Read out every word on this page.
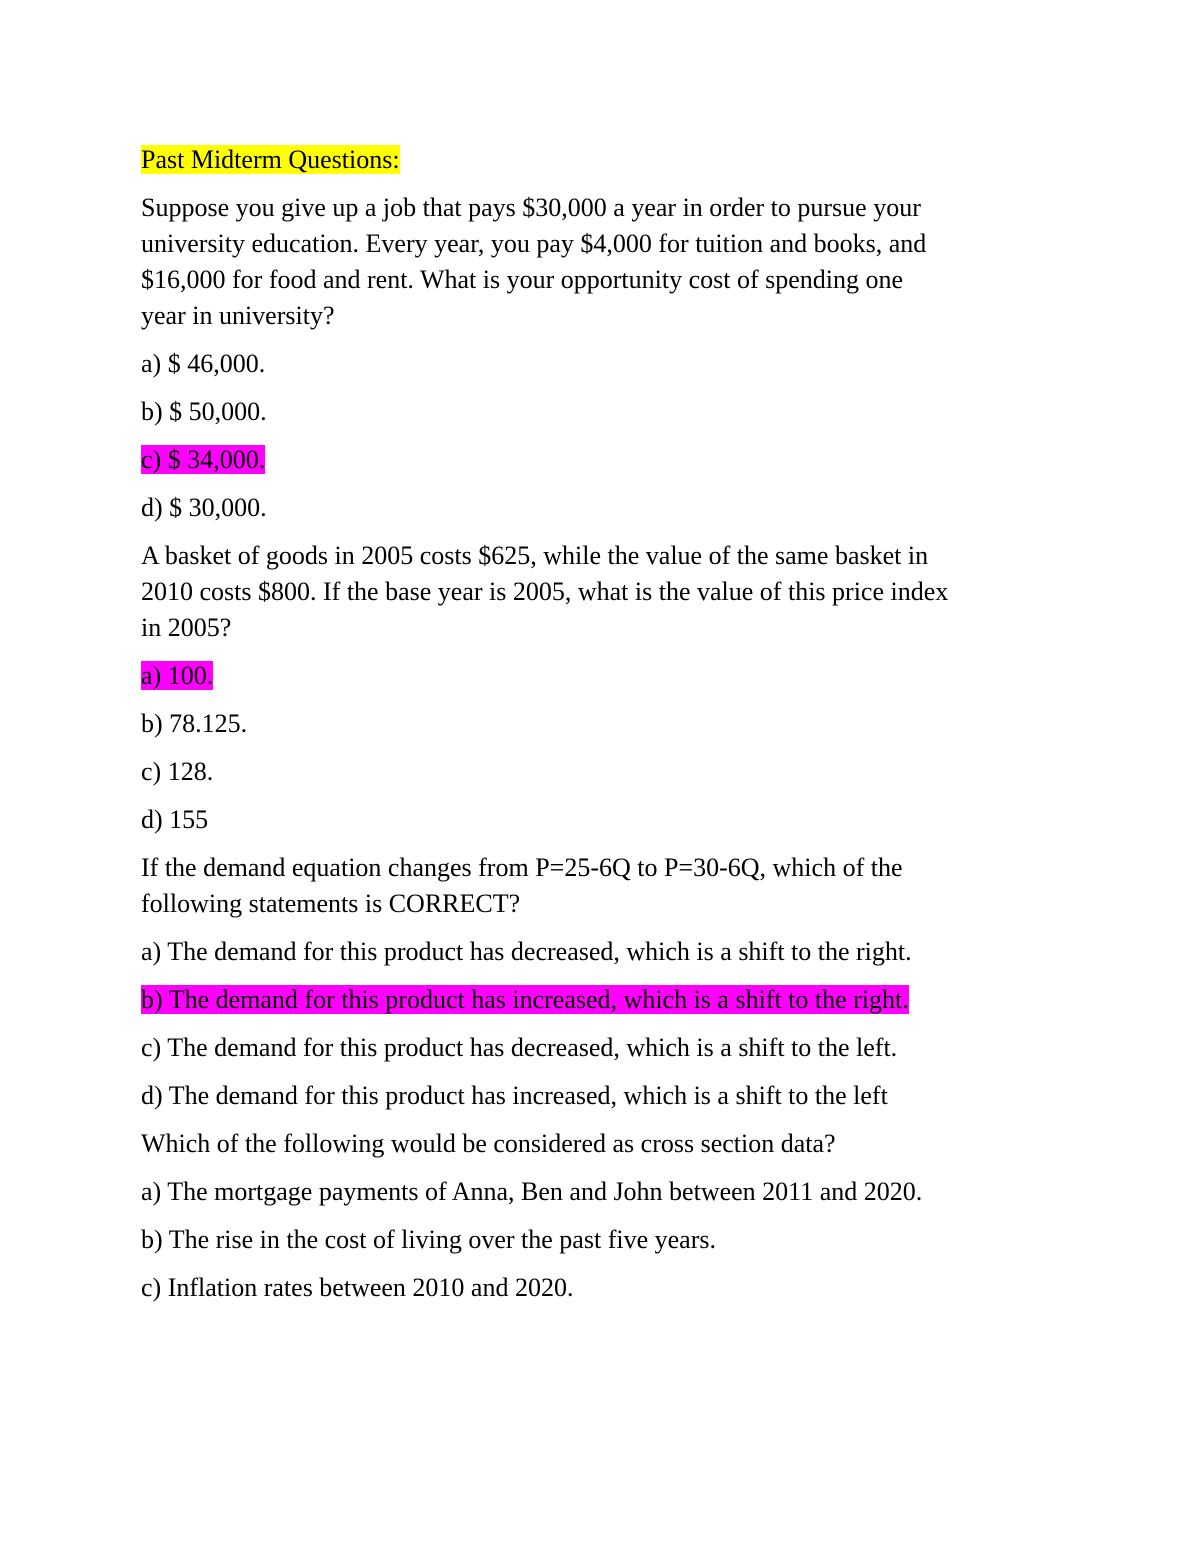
Past Midterm Questions:

Suppose you give up a job that pays $30,000 a year in order to pursue your

university education. Every year, you pay $4,000 for tuition and books, and

$16,000 for food and rent. What is your opportunity cost of spending one

year in university?

a) $ 46,000.

b) $ 50,000.

c) $ 34,000.

d) $ 30,000.

A basket of goods in 2005 costs $625, while the value of the same basket in

2010 costs $800. If the base year is 2005, what is the value of this price index

in 2005?

a) 100.

b) 78.125.

c) 128.

d) 155

If the demand equation changes from P=25-6Q to P=30-6Q, which of the

following statements is CORRECT?

a) The demand for this product has decreased, which is a shift to the right.

b) The demand for this product has increased, which is a shift to the right.

c) The demand for this product has decreased, which is a shift to the left.

d) The demand for this product has increased, which is a shift to the left

Which of the following would be considered as cross section data?

a) The mortgage payments of Anna, Ben and John between 2011 and 2020.

b) The rise in the cost of living over the past five years.

c) Inflation rates between 2010 and 2020.
